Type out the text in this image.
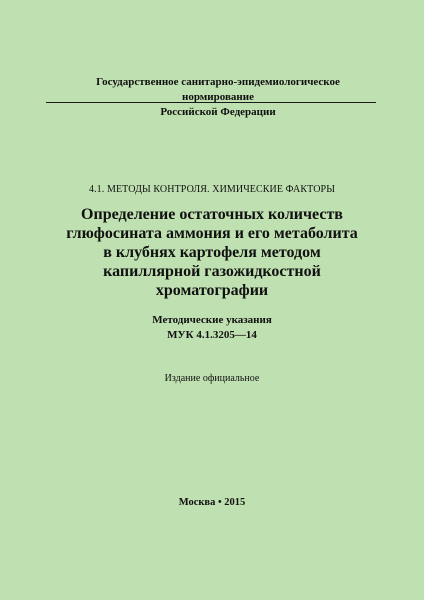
Государственное санитарно-эпидемиологическое нормирование
Российской Федерации
4.1. МЕТОДЫ КОНТРОЛЯ. ХИМИЧЕСКИЕ ФАКТОРЫ
Определение остаточных количеств
глюфосината аммония и его метаболита
в клубнях картофеля методом
капиллярной газожидкостной
хроматографии
Методические указания
МУК 4.1.3205—14
Издание официальное
Москва • 2015
